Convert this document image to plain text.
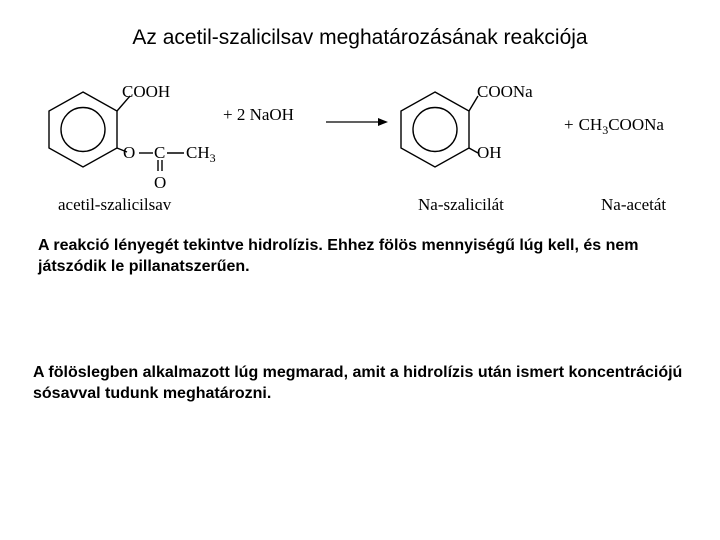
Az acetil-szalicilsav meghatározásának reakciója
COOH
O C $CH_3$
O
acetil-szalicilsav
+ 2 NaOH
COONa
OH
Na-szalicilát
+ $CH_3COONa$
Na-acetát
A reakció lényegét tekintve hidrolízis. Ehhez fölös mennyiségű lúg kell, és nem játszódik le pillanatszerűen.
A fölöslegben alkalmazott lúg megmarad, amit a hidrolízis után ismert koncentrációjú sósavval tudunk meghatározni.
